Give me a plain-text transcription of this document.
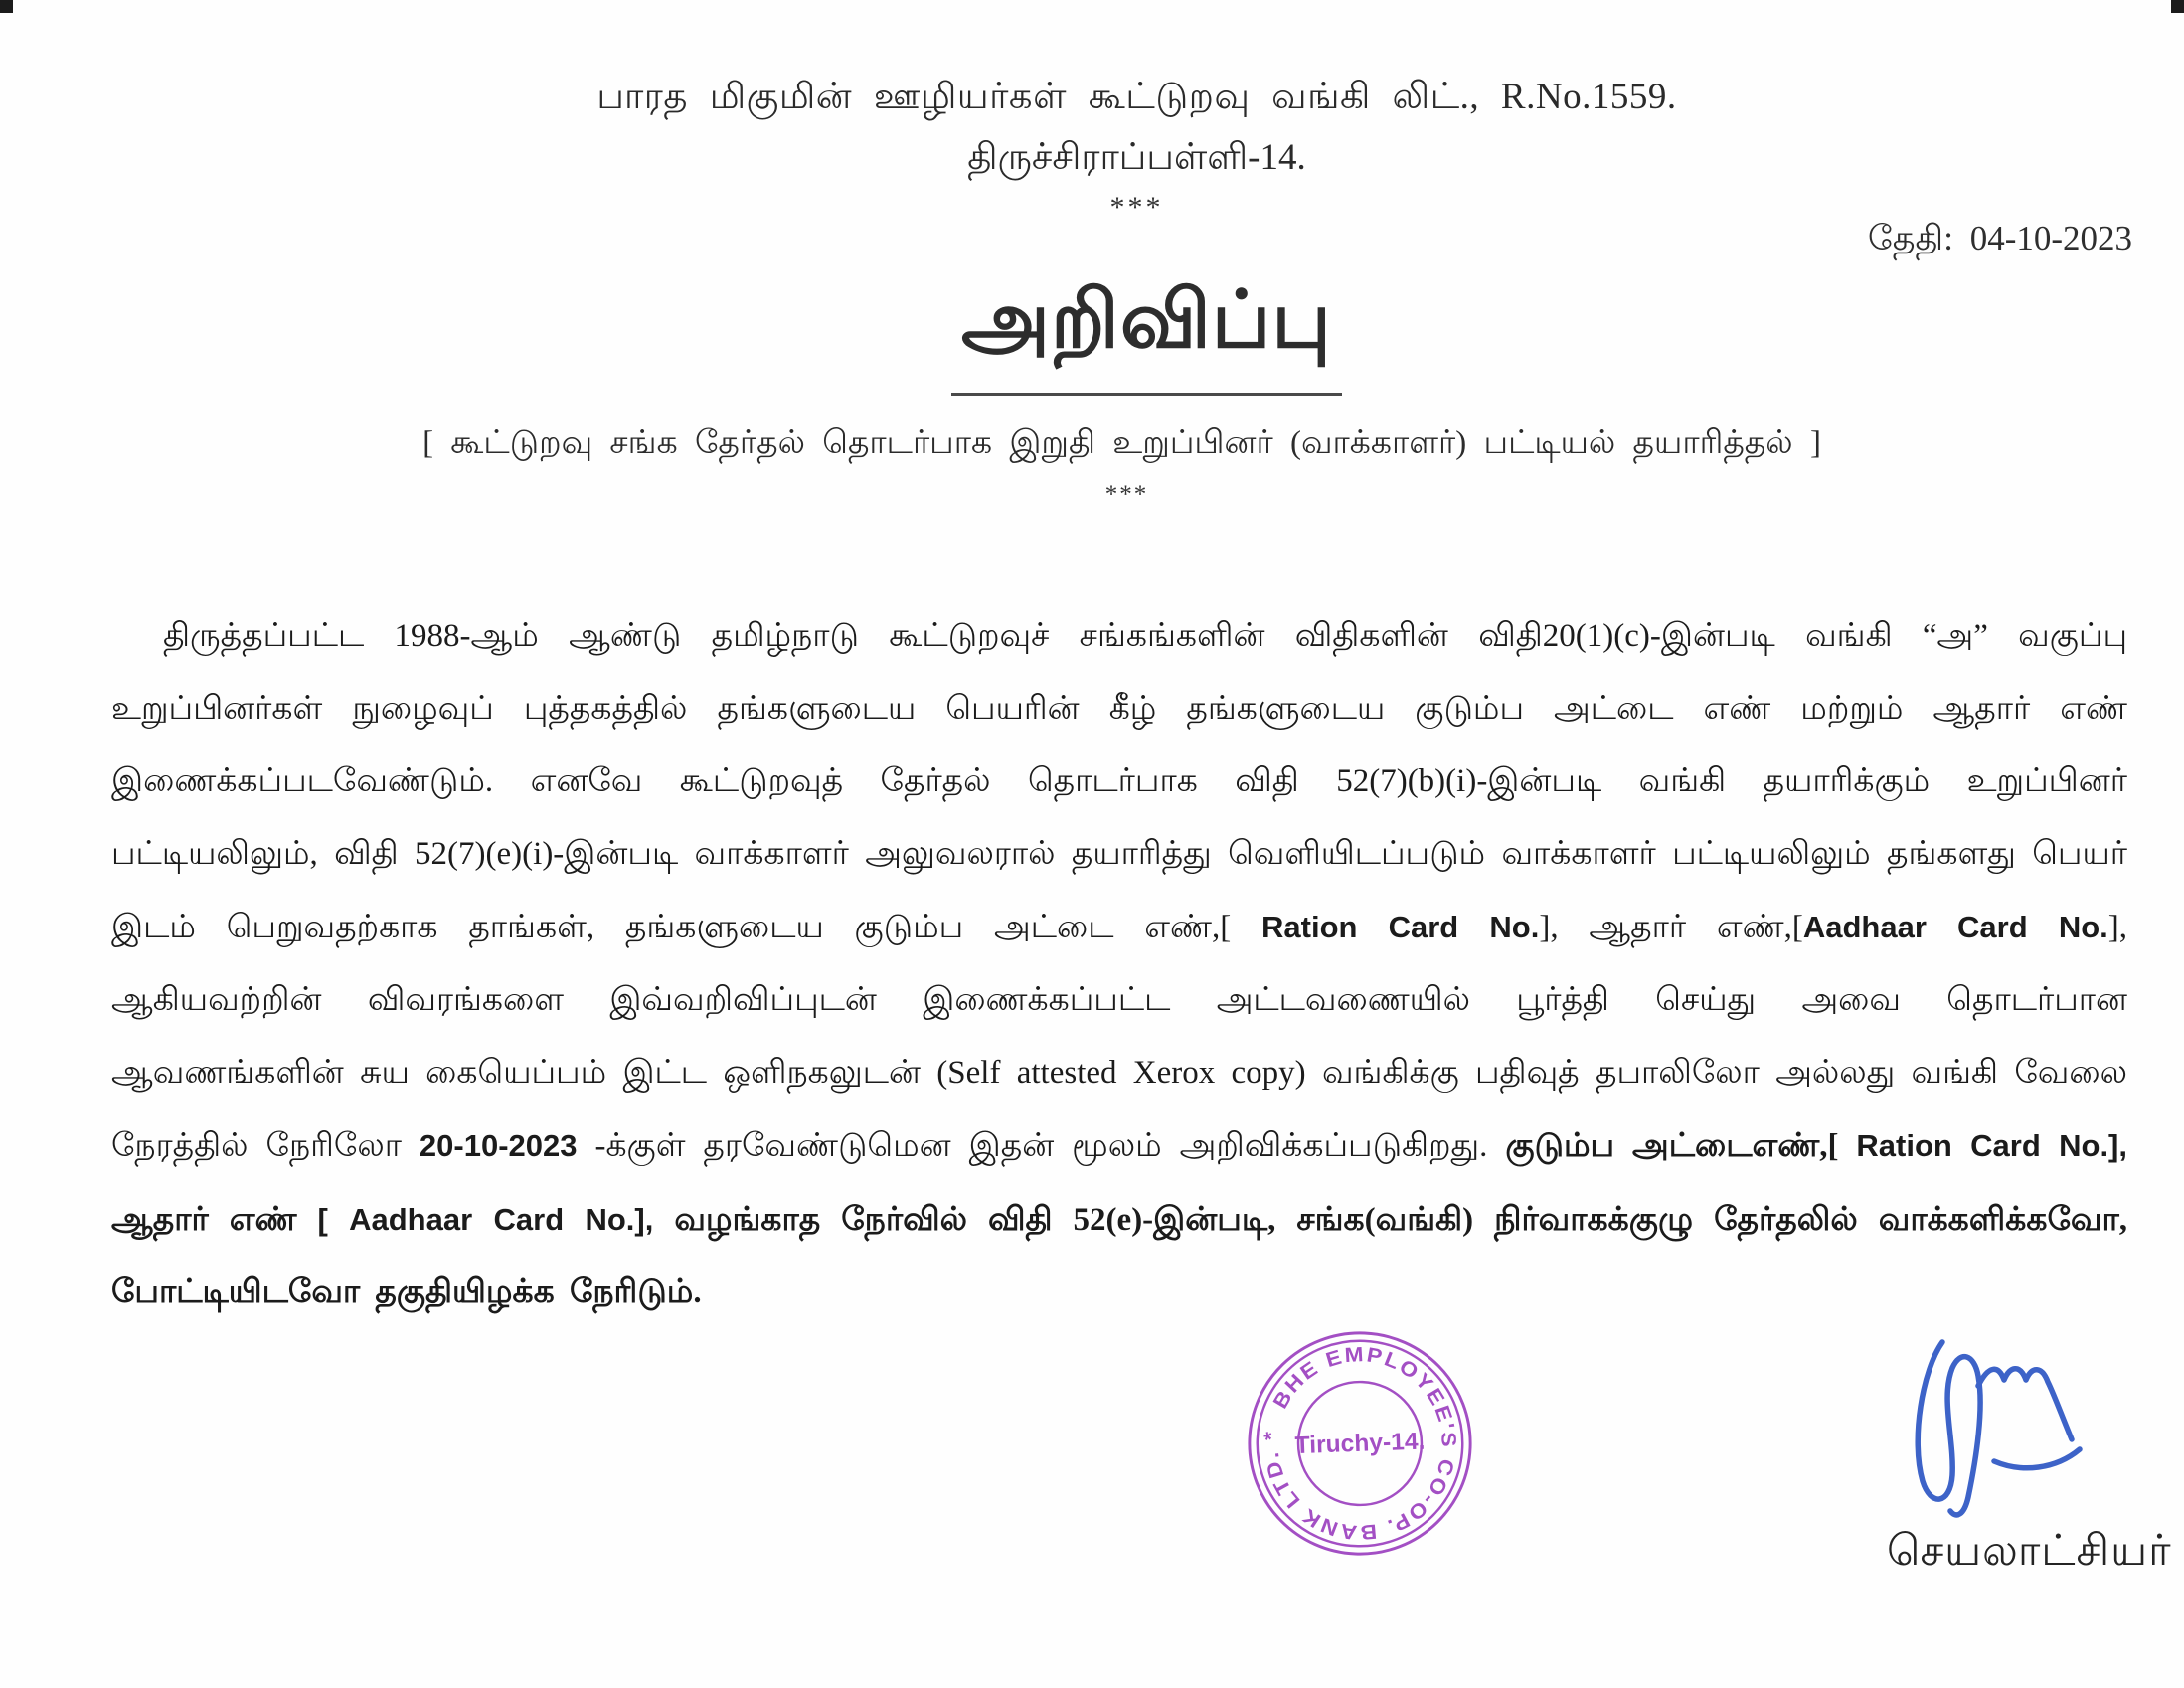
பாரத மிகுமின் ஊழியர்கள் கூட்டுறவு வங்கி லிட்., R.No.1559.
திருச்சிராப்பள்ளி-14.
***
தேதி: 04-10-2023
அறிவிப்பு
[ கூட்டுறவு சங்க தேர்தல் தொடர்பாக இறுதி உறுப்பினர் (வாக்காளர்) பட்டியல் தயாரித்தல் ]
***
திருத்தப்பட்ட 1988-ஆம் ஆண்டு தமிழ்நாடு கூட்டுறவுச் சங்கங்களின் விதிகளின் விதி20(1)(c)-இன்படி வங்கி “அ” வகுப்பு உறுப்பினர்கள் நுழைவுப் புத்தகத்தில் தங்களுடைய பெயரின் கீழ் தங்களுடைய குடும்ப அட்டை எண் மற்றும் ஆதார் எண் இணைக்கப்படவேண்டும். எனவே கூட்டுறவுத் தேர்தல் தொடர்பாக விதி 52(7)(b)(i)-இன்படி வங்கி தயாரிக்கும் உறுப்பினர் பட்டியலிலும், விதி 52(7)(e)(i)-இன்படி வாக்காளர் அலுவலரால் தயாரித்து வெளியிடப்படும் வாக்காளர் பட்டியலிலும் தங்களது பெயர் இடம் பெறுவதற்காக தாங்கள், தங்களுடைய குடும்ப அட்டை எண்,[ Ration Card No.], ஆதார் எண்,[Aadhaar Card No.], ஆகியவற்றின் விவரங்களை இவ்வறிவிப்புடன் இணைக்கப்பட்ட அட்டவணையில் பூர்த்தி செய்து அவை தொடர்பான ஆவணங்களின் சுய கையெப்பம் இட்ட ஒளிநகலுடன் (Self attested Xerox copy) வங்கிக்கு பதிவுத் தபாலிலோ அல்லது வங்கி வேலை நேரத்தில் நேரிலோ 20-10-2023 -க்குள் தரவேண்டுமென இதன் மூலம் அறிவிக்கப்படுகிறது. குடும்ப அட்டைஎண்,[ Ration Card No.], ஆதார் எண் [ Aadhaar Card No.], வழங்காத நேர்வில் விதி 52(e)-இன்படி, சங்க(வங்கி) நிர்வாகக்குழு தேர்தலில் வாக்களிக்கவோ, போட்டியிடவோ தகுதியிழக்க நேரிடும்.
BHE EMPLOYEE'S CO-OP. BANK LTD. * Tiruchy-14.
செயலாட்சியர்
